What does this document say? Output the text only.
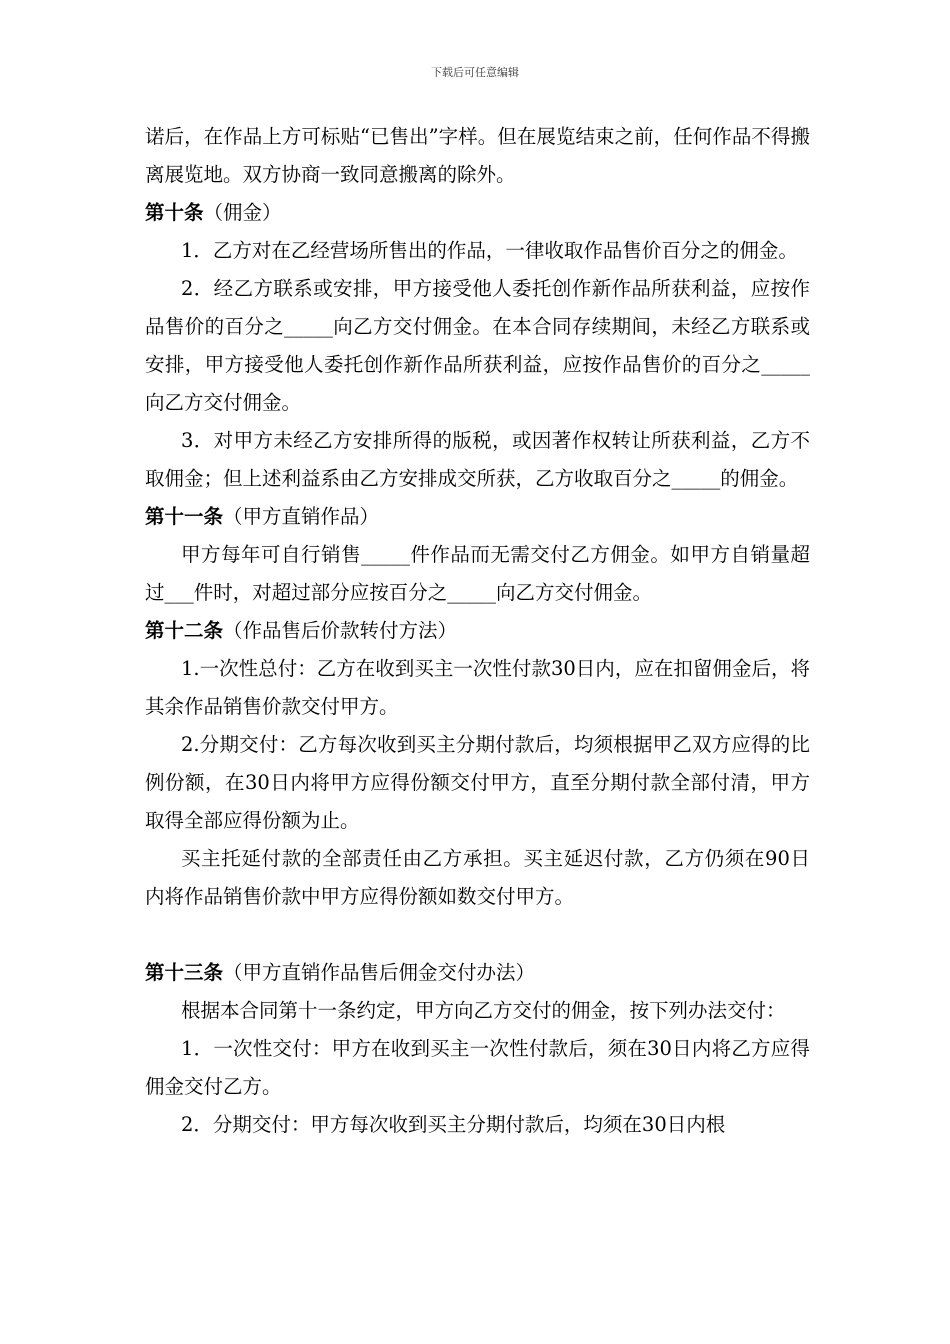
下载后可任意编辑

诺后，在作品上方可标贴“已售出”字样。但在展览结束之前，任何作品不得搬离展览地。双方协商一致同意搬离的除外。

第十条（佣金）

1．乙方对在乙经营场所售出的作品，一律收取作品售价百分之的佣金。

2．经乙方联系或安排，甲方接受他人委托创作新作品所获利益，应按作品售价的百分之_____向乙方交付佣金。在本合同存续期间，未经乙方联系或安排，甲方接受他人委托创作新作品所获利益，应按作品售价的百分之_____向乙方交付佣金。

3．对甲方未经乙方安排所得的版税，或因著作权转让所获利益，乙方不取佣金；但上述利益系由乙方安排成交所获，乙方收取百分之_____的佣金。

第十一条（甲方直销作品）

甲方每年可自行销售_____件作品而无需交付乙方佣金。如甲方自销量超过___件时，对超过部分应按百分之_____向乙方交付佣金。

第十二条（作品售后价款转付方法）

1.一次性总付：乙方在收到买主一次性付款30日内，应在扣留佣金后，将其余作品销售价款交付甲方。

2.分期交付：乙方每次收到买主分期付款后，均须根据甲乙双方应得的比例份额，在30日内将甲方应得份额交付甲方，直至分期付款全部付清，甲方取得全部应得份额为止。

买主托延付款的全部责任由乙方承担。买主延迟付款，乙方仍须在90日内将作品销售价款中甲方应得份额如数交付甲方。

第十三条（甲方直销作品售后佣金交付办法）

根据本合同第十一条约定，甲方向乙方交付的佣金，按下列办法交付：

1．一次性交付：甲方在收到买主一次性付款后，须在30日内将乙方应得佣金交付乙方。

2．分期交付：甲方每次收到买主分期付款后，均须在30日内根
